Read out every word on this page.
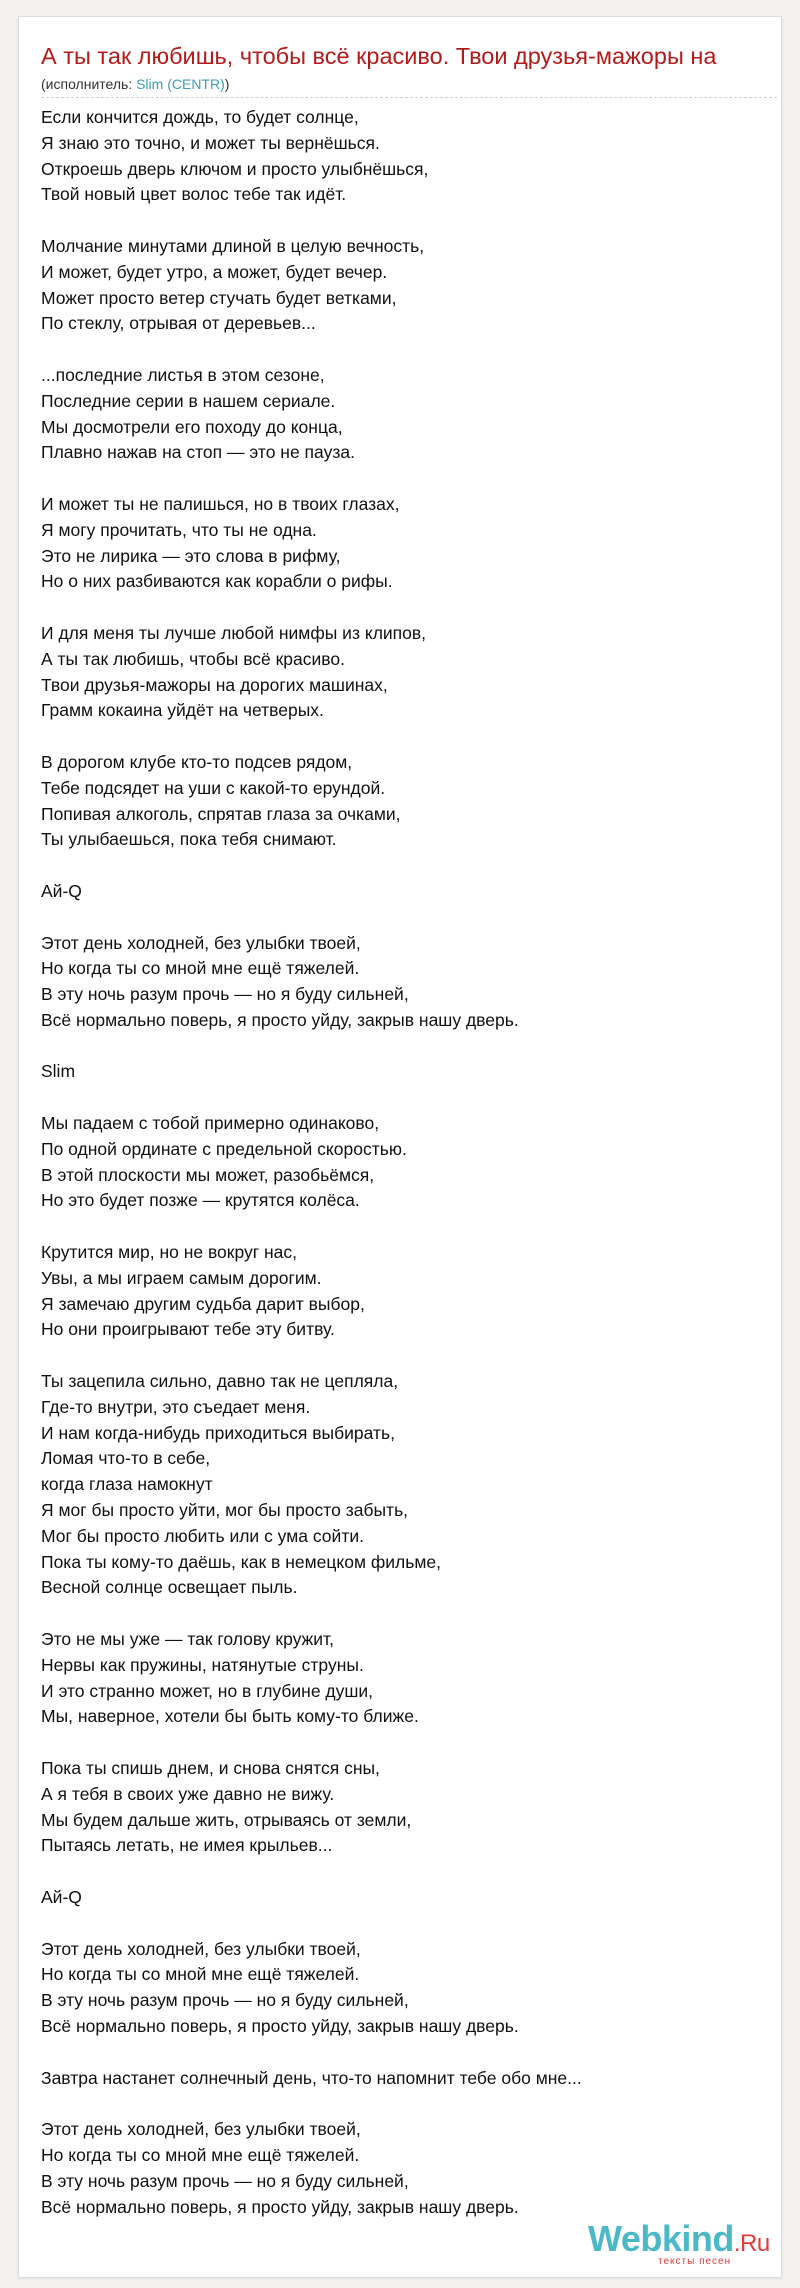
А ты так любишь, чтобы всё красиво. Твои друзья-мажоры на
(исполнитель: Slim (CENTR))
Если кончится дождь, то будет солнце,
Я знаю это точно, и может ты вернёшься.
Откроешь дверь ключом и просто улыбнёшься,
Твой новый цвет волос тебе так идёт.
Молчание минутами длиной в целую вечность,
И может, будет утро, а может, будет вечер.
Может просто ветер стучать будет ветками,
По стеклу, отрывая от деревьев...
...последние листья в этом сезоне,
Последние серии в нашем сериале.
Мы досмотрели его походу до конца,
Плавно нажав на стоп — это не пауза.
И может ты не палишься, но в твоих глазах,
Я могу прочитать, что ты не одна.
Это не лирика — это слова в рифму,
Но о них разбиваются как корабли о рифы.
И для меня ты лучше любой нимфы из клипов,
А ты так любишь, чтобы всё красиво.
Твои друзья-мажоры на дорогих машинах,
Грамм кокаина уйдёт на четверых.
В дорогом клубе кто-то подсев рядом,
Тебе подсядет на уши с какой-то ерундой.
Попивая алкоголь, спрятав глаза за очками,
Ты улыбаешься, пока тебя снимают.
Ай-Q
Этот день холодней, без улыбки твоей,
Но когда ты со мной мне ещё тяжелей.
В эту ночь разум прочь — но я буду сильней,
Всё нормально поверь, я просто уйду, закрыв нашу дверь.
Slim
Мы падаем с тобой примерно одинаково,
По одной ординате с предельной скоростью.
В этой плоскости мы может, разобьёмся,
Но это будет позже — крутятся колёса.
Крутится мир, но не вокруг нас,
Увы, а мы играем самым дорогим.
Я замечаю другим судьба дарит выбор,
Но они проигрывают тебе эту битву.
Ты зацепила сильно, давно так не цепляла,
Где-то внутри, это съедает меня.
И нам когда-нибудь приходиться выбирать,
Ломая что-то в себе,
когда глаза намокнут
Я мог бы просто уйти, мог бы просто забыть,
Мог бы просто любить или с ума сойти.
Пока ты кому-то даёшь, как в немецком фильме,
Весной солнце освещает пыль.
Это не мы уже — так голову кружит,
Нервы как пружины, натянутые струны.
И это странно может, но в глубине души,
Мы, наверное, хотели бы быть кому-то ближе.
Пока ты спишь днем, и снова снятся сны,
А я тебя в своих уже давно не вижу.
Мы будем дальше жить, отрываясь от земли,
Пытаясь летать, не имея крыльев...
Ай-Q
Этот день холодней, без улыбки твоей,
Но когда ты со мной мне ещё тяжелей.
В эту ночь разум прочь — но я буду сильней,
Всё нормально поверь, я просто уйду, закрыв нашу дверь.
Завтра настанет солнечный день, что-то напомнит тебе обо мне...
Этот день холодней, без улыбки твоей,
Но когда ты со мной мне ещё тяжелей.
В эту ночь разум прочь — но я буду сильней,
Всё нормально поверь, я просто уйду, закрыв нашу дверь.
Webkind.Ru
тексты песен
